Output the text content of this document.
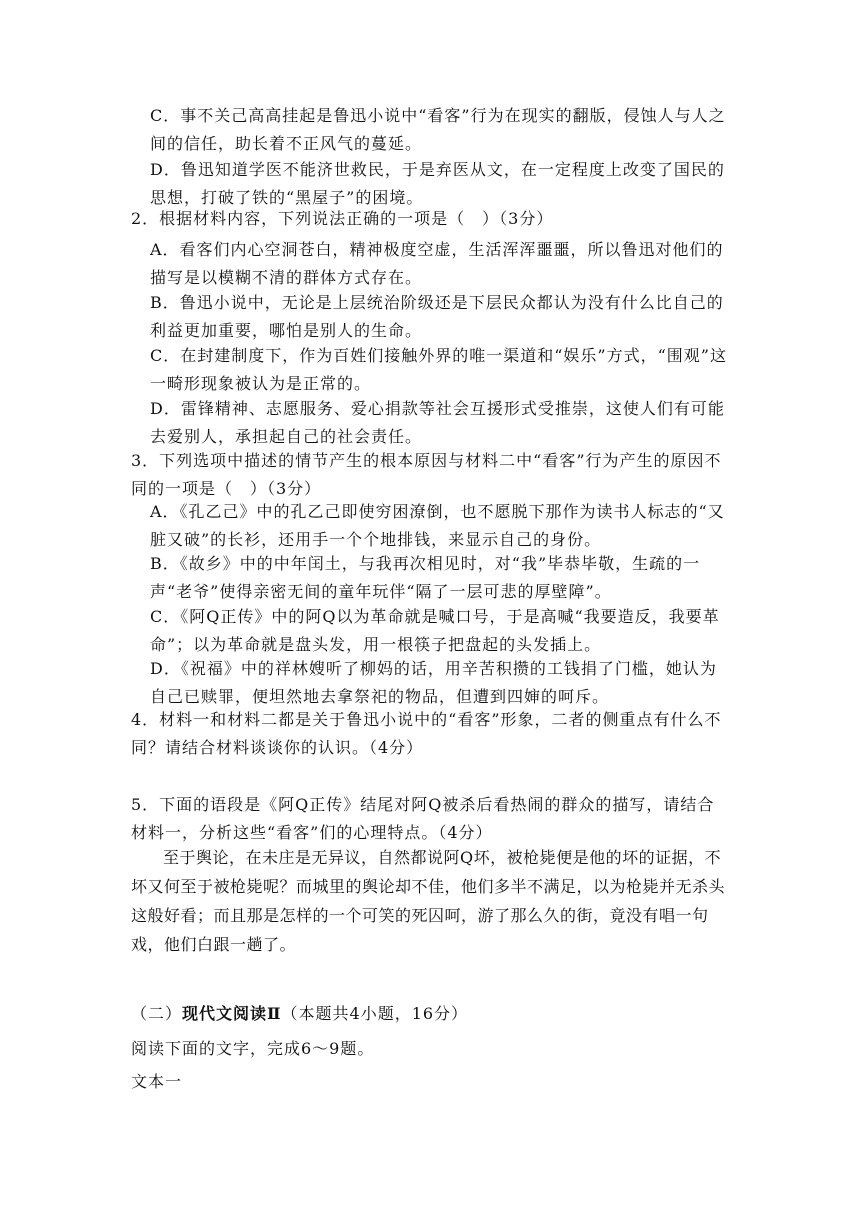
C．事不关己高高挂起是鲁迅小说中“看客”行为在现实的翻版，侵蚀人与人之间的信任，助长着不正风气的蔓延。

D．鲁迅知道学医不能济世救民，于是弃医从文，在一定程度上改变了国民的思想，打破了铁的“黑屋子”的困境。

2．根据材料内容，下列说法正确的一项是（　）（3分）

A．看客们内心空洞苍白，精神极度空虚，生活浑浑噩噩，所以鲁迅对他们的描写是以模糊不清的群体方式存在。

B．鲁迅小说中，无论是上层统治阶级还是下层民众都认为没有什么比自己的利益更加重要，哪怕是别人的生命。

C．在封建制度下，作为百姓们接触外界的唯一渠道和“娱乐”方式，“围观”这一畸形现象被认为是正常的。

D．雷锋精神、志愿服务、爱心捐款等社会互援形式受推崇，这使人们有可能去爱别人，承担起自己的社会责任。

3．下列选项中描述的情节产生的根本原因与材料二中“看客”行为产生的原因不同的一项是（　）（3分）

A．《孔乙己》中的孔乙己即使穷困潦倒，也不愿脱下那作为读书人标志的“又脏又破”的长衫，还用手一个个地排钱，来显示自己的身份。

B．《故乡》中的中年闰土，与我再次相见时，对“我”毕恭毕敬，生疏的一声“老爷”使得亲密无间的童年玩伴“隔了一层可悲的厚壁障”。

C．《阿Q正传》中的阿Q以为革命就是喊口号，于是高喊“我要造反，我要革命”；以为革命就是盘头发，用一根筷子把盘起的头发插上。

D．《祝福》中的祥林嫂听了柳妈的话，用辛苦积攒的工钱捐了门槛，她认为自己已赎罪，便坦然地去拿祭祀的物品，但遭到四婶的呵斥。

4．材料一和材料二都是关于鲁迅小说中的“看客”形象，二者的侧重点有什么不同？请结合材料谈谈你的认识。（4分）

5．下面的语段是《阿Q正传》结尾对阿Q被杀后看热闹的群众的描写，请结合材料一，分析这些“看客”们的心理特点。（4分）

至于舆论，在未庄是无异议，自然都说阿Q坏，被枪毙便是他的坏的证据，不坏又何至于被枪毙呢？而城里的舆论却不佳，他们多半不满足，以为枪毙并无杀头这般好看；而且那是怎样的一个可笑的死囚呵，游了那么久的街，竟没有唱一句戏，他们白跟一趟了。

（二）现代文阅读Ⅱ（本题共4小题，16分）

阅读下面的文字，完成6～9题。

文本一
